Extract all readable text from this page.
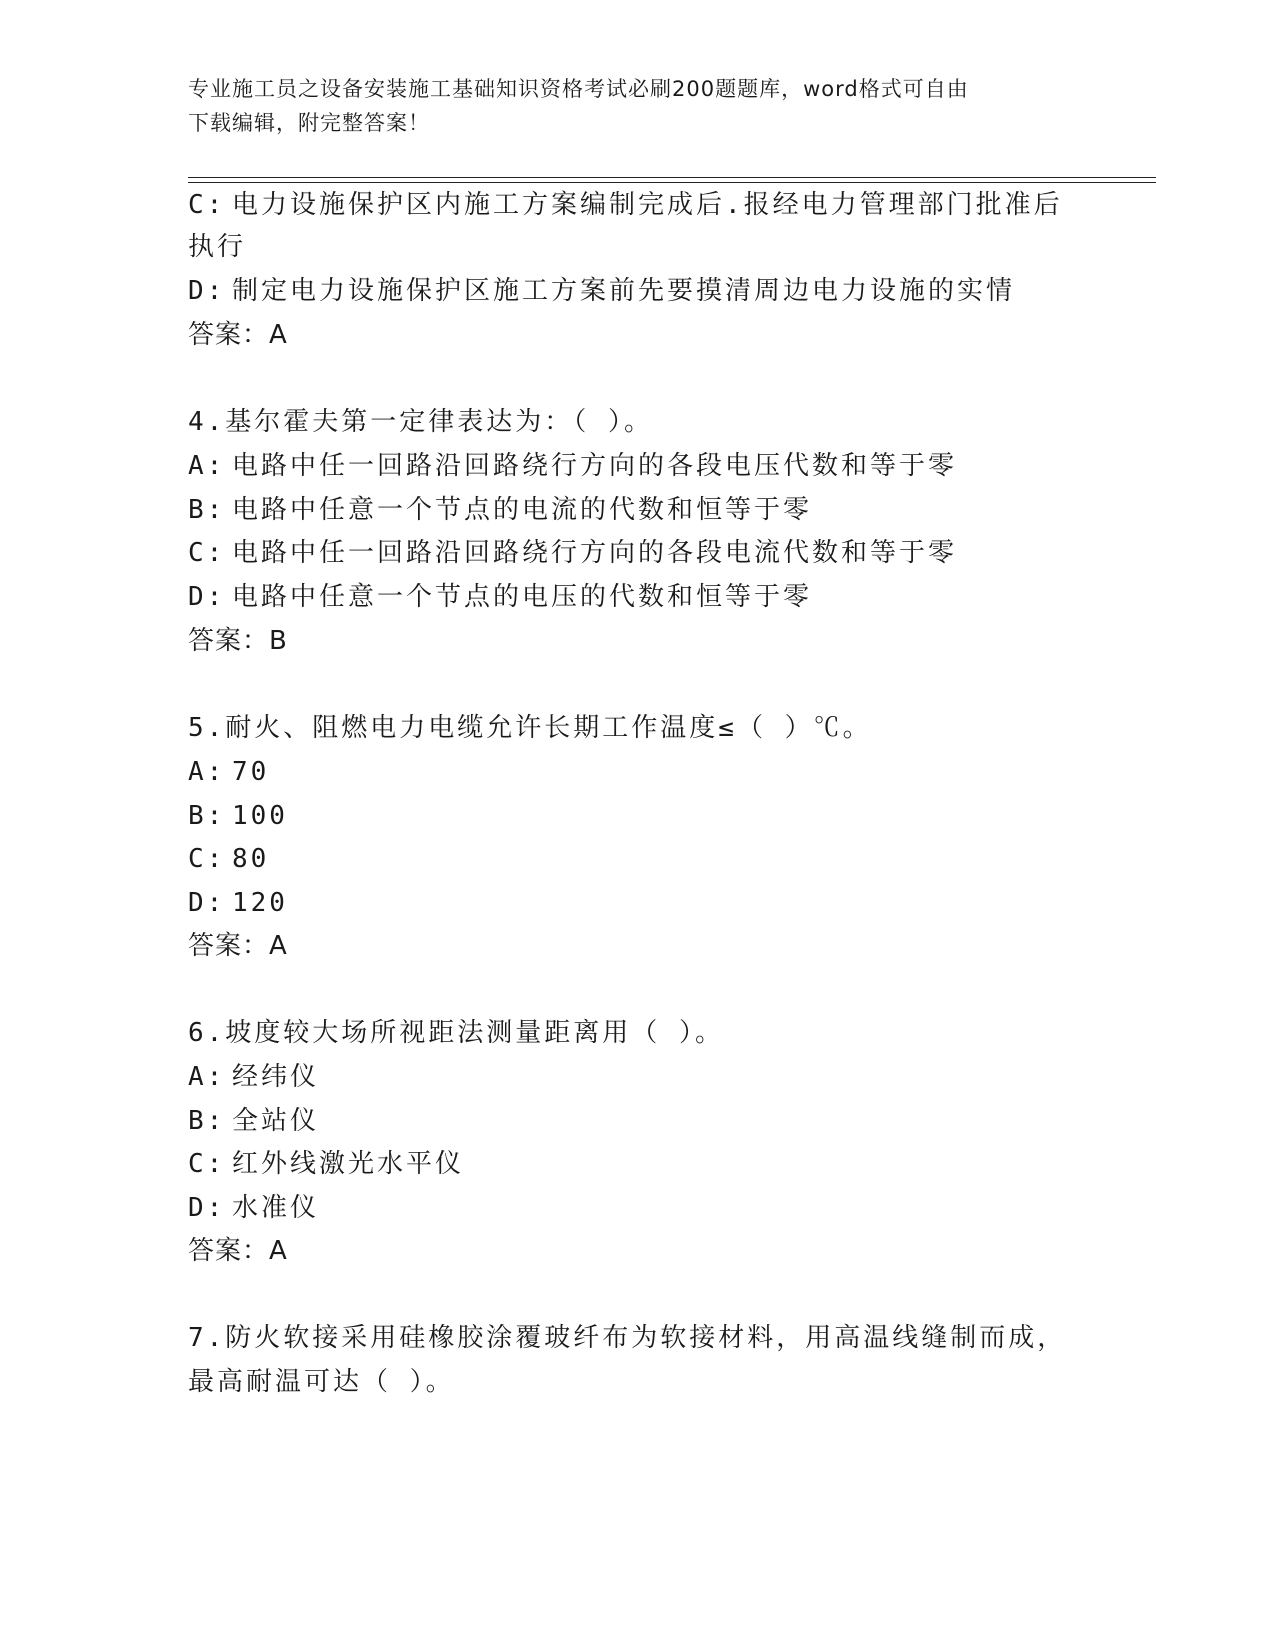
专业施工员之设备安装施工基础知识资格考试必刷200题题库，word格式可自由
下载编辑，附完整答案！
C: 电力设施保护区内施工方案编制完成后.报经电力管理部门批准后
执行
D: 制定电力设施保护区施工方案前先要摸清周边电力设施的实情
答案：A
4.基尔霍夫第一定律表达为：（ ）。
A: 电路中任一回路沿回路绕行方向的各段电压代数和等于零
B: 电路中任意一个节点的电流的代数和恒等于零
C: 电路中任一回路沿回路绕行方向的各段电流代数和等于零
D: 电路中任意一个节点的电压的代数和恒等于零
答案：B
5.耐火、阻燃电力电缆允许长期工作温度≤（ ）℃。
A: 70
B: 100
C: 80
D: 120
答案：A
6.坡度较大场所视距法测量距离用（ ）。
A: 经纬仪
B: 全站仪
C: 红外线激光水平仪
D: 水准仪
答案：A
7.防火软接采用硅橡胶涂覆玻纤布为软接材料，用高温线缝制而成，
最高耐温可达（ ）。
